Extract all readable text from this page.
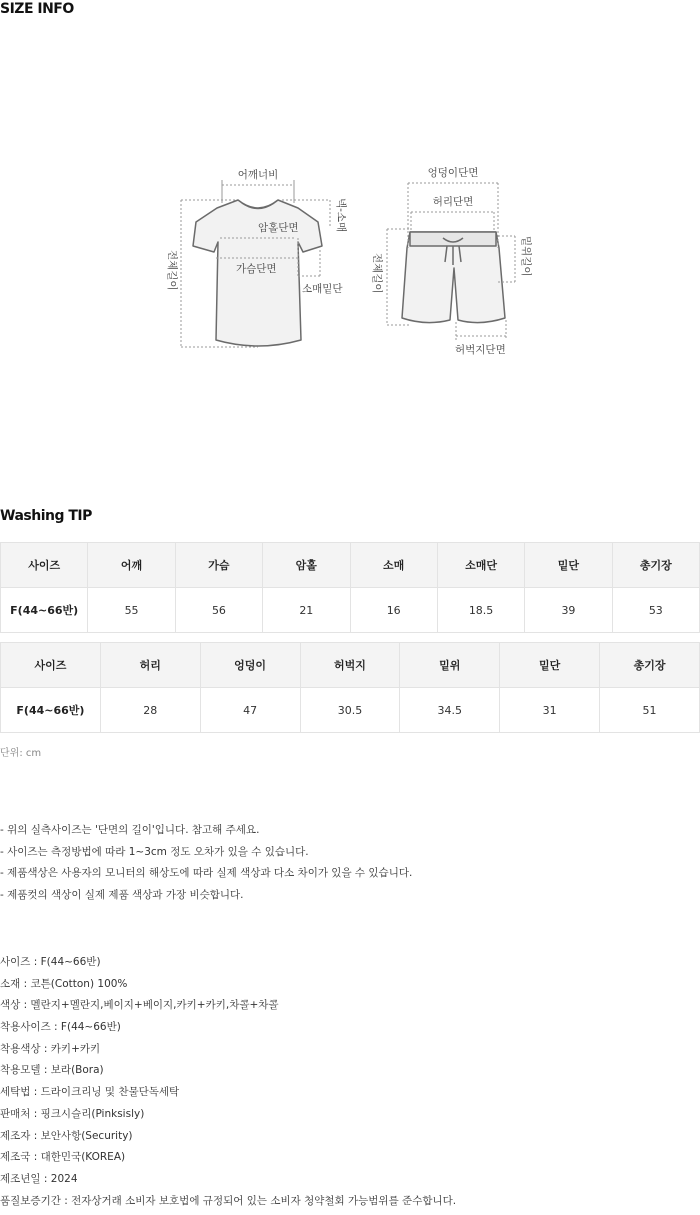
SIZE INFO
어깨너비
암홀단면
가슴단면
소매밑단
넥-소매
전체길이
엉덩이단면
허리단면
밑위길이
전체길이
허벅지단면
Washing TIP
사이즈	어깨	가슴	암홀	소매	소매단	밑단	총기장
F(44~66반)	55	56	21	16	18.5	39	53
사이즈	허리	엉덩이	허벅지	밑위	밑단	총기장
F(44~66반)	28	47	30.5	34.5	31	51
단위: cm
- 위의 실측사이즈는 '단면의 길이'입니다. 참고해 주세요.
- 사이즈는 측정방법에 따라 1~3cm 정도 오차가 있을 수 있습니다.
- 제품색상은 사용자의 모니터의 해상도에 따라 실제 색상과 다소 차이가 있을 수 있습니다.
- 제품컷의 색상이 실제 제품 색상과 가장 비슷합니다.
사이즈 : F(44~66반)
소재 : 코튼(Cotton) 100%
색상 : 멜란지+멜란지,베이지+베이지,카키+카키,차콜+차콜
착용사이즈 : F(44~66반)
착용색상 : 카키+카키
착용모델 : 보라(Bora)
세탁법 : 드라이크리닝 및 찬물단독세탁
판매처 : 핑크시슬리(Pinksisly)
제조자 : 보안사항(Security)
제조국 : 대한민국(KOREA)
제조년일 : 2024
품질보증기간 : 전자상거래 소비자 보호법에 규정되어 있는 소비자 청약철회 가능범위를 준수합니다.
